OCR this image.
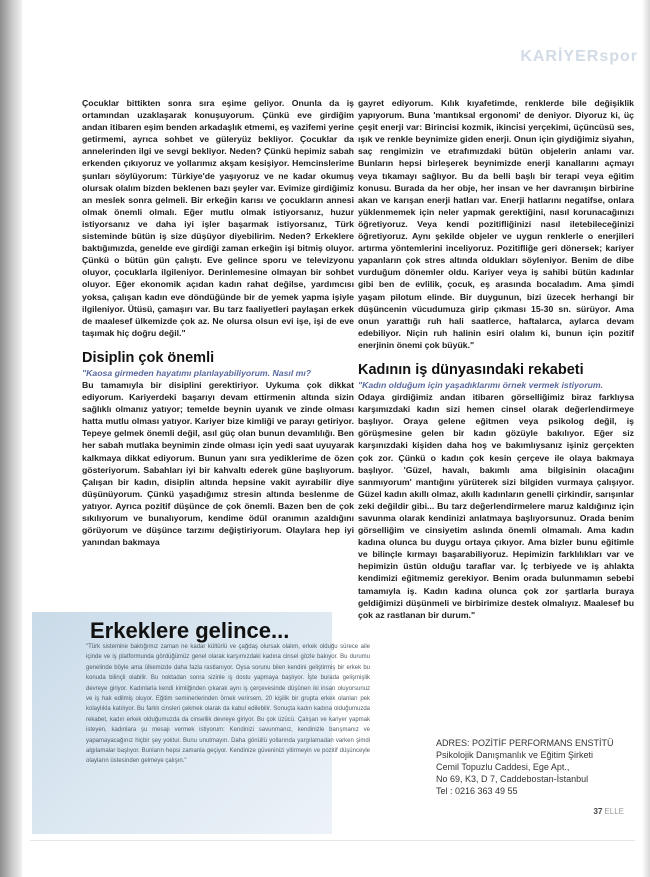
KARİYERspor

Çocuklar bittikten sonra sıra eşime geliyor. Onunla da iş ortamından uzaklaşarak konuşuyorum. Çünkü eve girdiğim andan itibaren eşim benden arkadaşlık etmemi, eş vazifemi yerine getirmemi, ayrıca sohbet ve güleryüz bekliyor. Çocuklar da annelerinden ilgi ve sevgi bekliyor. Neden? Çünkü hepimiz sabah erkenden çıkıyoruz ve yollarımız akşam kesişiyor. Hemcinslerime şunları söylüyorum: Türkiye'de yaşıyoruz ve ne kadar okumuş olursak olalım bizden beklenen bazı şeyler var. Evimize girdiğimiz an meslek sonra gelmeli. Bir erkeğin karısı ve çocukların annesi olmak önemli olmalı. Eğer mutlu olmak istiyorsanız, huzur istiyorsanız ve daha iyi işler başarmak istiyorsanız, Türk sisteminde bütün iş size düşüyor diyebilirim. Neden? Erkeklere baktığımızda, genelde eve girdiği zaman erkeğin işi bitmiş oluyor. Çünkü o bütün gün çalıştı. Eve gelince sporu ve televizyonu oluyor, çocuklarla ilgileniyor. Derinlemesine olmayan bir sohbet oluyor. Eğer ekonomik açıdan kadın rahat değilse, yardımcısı yoksa, çalışan kadın eve döndüğünde bir de yemek yapma işiyle ilgileniyor. Ütüsü, çamaşırı var. Bu tarz faaliyetleri paylaşan erkek de maalesef ülkemizde çok az. Ne olursa olsun evi işe, işi de eve taşımak hiç doğru değil."

Disiplin çok önemli

"Kaosa girmeden hayatımı planlayabiliyorum. Nasıl mı?

Bu tamamıyla bir disiplini gerektiriyor. Uykuma çok dikkat ediyorum. Kariyerdeki başarıyı devam ettirmenin altında sizin sağlıklı olmanız yatıyor; temelde beynin uyanık ve zinde olması hatta mutlu olması yatıyor. Kariyer bize kimliği ve parayı getiriyor. Tepeye gelmek önemli değil, asıl güç olan bunun devamlılığı. Ben her sabah mutlaka beynimin zinde olması için yedi saat uyuyarak kalkmaya dikkat ediyorum. Bunun yanı sıra yediklerime de özen gösteriyorum. Sabahları iyi bir kahvaltı ederek güne başlıyorum. Çalışan bir kadın, disiplin altında hepsine vakit ayırabilir diye düşünüyorum. Çünkü yaşadığımız stresin altında beslenme de yatıyor. Ayrıca pozitif düşünce de çok önemli. Bazen ben de çok sıkılıyorum ve bunalıyorum, kendime ödül oranımın azaldığını görüyorum ve düşünce tarzımı değiştiriyorum. Olaylara hep iyi yanından bakmaya

gayret ediyorum. Kılık kıyafetimde, renklerde bile değişiklik yapıyorum. Buna 'mantıksal ergonomi' de deniyor. Diyoruz ki, üç çeşit enerji var: Birincisi kozmik, ikincisi yerçekimi, üçüncüsü ses, ışık ve renkle beynimize giden enerji. Onun için giydiğimiz siyahın, saç rengimizin ve etrafımızdaki bütün objelerin anlamı var. Bunların hepsi birleşerek beynimizde enerji kanallarını açmayı veya tıkamayı sağlıyor. Bu da belli başlı bir terapi veya eğitim konusu. Burada da her obje, her insan ve her davranışın birbirine akan ve karışan enerji hatları var. Enerji hatlarını negatifse, onlara yüklenmemek için neler yapmak gerektiğini, nasıl korunacağınızı öğretiyoruz. Veya kendi pozitifliğinizi nasıl iletebileceğinizi öğretiyoruz. Aynı şekilde objeler ve uygun renklerle o enerjileri artırma yöntemlerini inceliyoruz. Pozitifliğe geri dönersek; kariyer yapanların çok stres altında oldukları söyleniyor. Benim de dibe vurduğum dönemler oldu. Kariyer veya iş sahibi bütün kadınlar gibi ben de evlilik, çocuk, eş arasında bocaladım. Ama şimdi yaşam pilotum elinde. Bir duygunun, bizi üzecek herhangi bir düşüncenin vücudumuza girip çıkması 15-30 sn. sürüyor. Ama onun yarattığı ruh hali saatlerce, haftalarca, aylarca devam edebiliyor. Niçin ruh halinin esiri olalım ki, bunun için pozitif enerjinin önemi çok büyük."

Kadının iş dünyasındaki rekabeti

"Kadın olduğum için yaşadıklarımı örnek vermek istiyorum.

Odaya girdiğimiz andan itibaren görselliğimiz biraz farklıysa karşımızdaki kadın sizi hemen cinsel olarak değerlendirmeye başlıyor. Oraya gelene eğitmen veya psikolog değil, iş görüşmesine gelen bir kadın gözüyle bakılıyor. Eğer siz karşınızdaki kişiden daha hoş ve bakımlıysanız işiniz gerçekten çok zor. Çünkü o kadın çok kesin çerçeve ile olaya bakmaya başlıyor. 'Güzel, havalı, bakımlı ama bilgisinin olacağını sanmıyorum' mantığını yürüterek sizi bilgiden vurmaya çalışıyor. Güzel kadın akıllı olmaz, akıllı kadınların genelli çirkindir, sarışınlar zeki değildir gibi... Bu tarz değerlendirmelere maruz kaldığınız için savunma olarak kendinizi anlatmaya başlıyorsunuz. Orada benim görselliğim ve cinsiyetim aslında önemli olmamalı. Ama kadın kadına olunca bu duygu ortaya çıkıyor. Ama bizler bunu eğitimle ve bilinçle kırmayı başarabiliyoruz. Hepimizin farklılıkları var ve hepimizin üstün olduğu taraflar var. İç terbiyede ve iş ahlakta kendimizi eğitmemiz gerekiyor. Benim orada bulunmamın sebebi tamamıyla iş. Kadın kadına olunca çok zor şartlarla buraya geldiğimizi düşünmeli ve birbirimize destek olmalıyız. Maalesef bu çok az rastlanan bir durum."

Erkeklere gelince...
"Türk sistemine baktığımız zaman ne kadar kültürlü ve çağdaş olursak olalım, erkek olduğu sürece aile içinde ve iş platformunda gördüğümüz genel olarak karşımızdaki kadına cinsel gözle bakıyor. Bu durumu genelinde böyle ama ülkemizde daha fazla rastlanıyor. Oysa sorunu bilen kendini geliştirmiş bir erkek bu konuda bilinçli olabilir. Bu noktadan sonra sizinle iş dostu yapmaya başlıyor. İşte burada gelişmişlik devreye giriyor. Kadınlarla kendi kimliğinden çıkarak aynı iş çerçevesinde düşünen iki insan oluyorsunuz ve iş hak edilmiş oluyor. Eğitim seminerlerinden örnek verirsem, 20 kişilik bir grupta erkek olanları pek kolaylıkla katılıyor. Bu farklı cinsleri çekmek olarak da kabul edilebilir. Sonuçta kadın kadına olduğumuzda rekabet, kadın erkek olduğumuzda da cinsellik devreye giriyor. Bu çok üzücü. Çalışan ve kariyer yapmak isteyen, kadınlara şu mesajı vermek istiyorum: Kendinizi savunmanız, kendinizle barışmanız ve yapamayacağınız hiçbir şey yoktur. Bunu unutmayın. Daha gönüllü yollarında yargılamadan varken şimdi algılamalar başlıyor. Bunların hepsi zamanla geçiyor. Kendinize güveninizi yitirmeyin ve pozitif düşünceyle olayların üstesinden gelmeye çalışın."
ADRES: POZİTİF PERFORMANS ENSTİTÜ
Psikolojik Danışmanlık ve Eğitim Şirketi
Cemil Topuzlu Caddesi, Ege Apt.,
No 69, K3, D 7, Caddebostan-İstanbul
Tel : 0216 363 49 55
37 ELLE
